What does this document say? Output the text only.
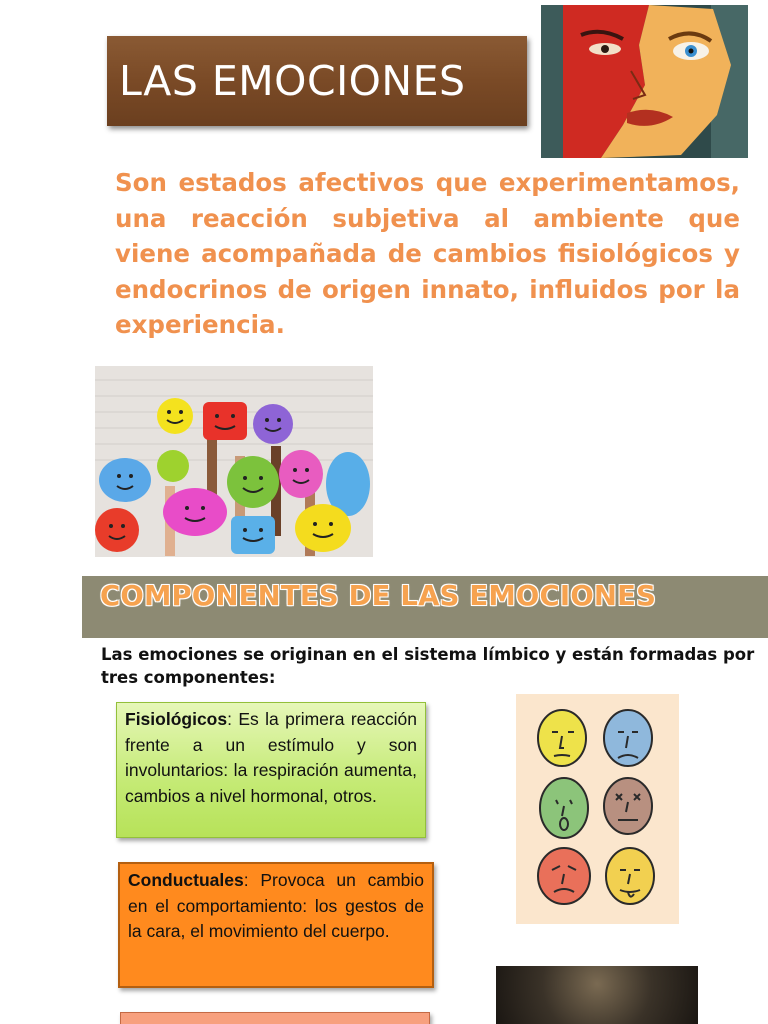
LAS EMOCIONES

Son estados afectivos que experimentamos, una reacción subjetiva al ambiente que viene acompañada de cambios fisiológicos y endocrinos de origen innato, influidos por la experiencia.

COMPONENTES DE LAS EMOCIONES

Las emociones se originan en el sistema límbico y están formadas por tres componentes:

Fisiológicos: Es la primera reacción frente a un estímulo y son involuntarios: la respiración aumenta, cambios a nivel hormonal, otros.
Conductuales: Provoca un cambio en el comportamiento: los gestos de la cara, el movimiento del cuerpo.
